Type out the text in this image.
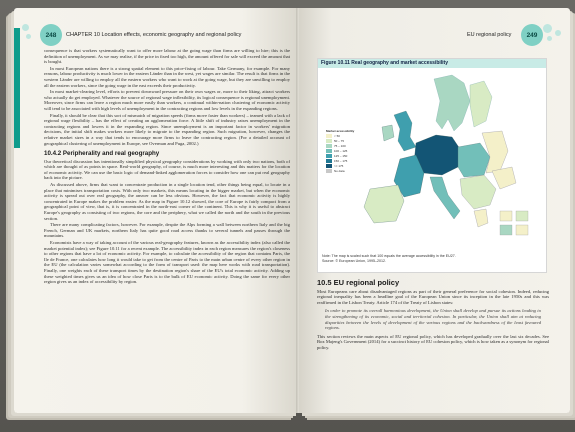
248	CHAPTER 10 Location effects, economic geography and regional policy

consequence is that workers systematically want to offer more labour at the going wage than firms are willing to hire; this is the definition of unemployment. As we may realise, if the price in fixed too high, the amount offered for sale will exceed the amount that is bought.

In most European nations there is a strong spatial element to this price-fixing of labour. Take Germany, for example. For many reasons, labour productivity is much lower in the eastern Länder than in the west, yet wages are similar. The result is that firms in the western Länder are willing to employ all the eastern workers who want to work at the going wage, but they are unwilling to employ all the eastern workers, since the going wage in the east exceeds their productivity.

In most market-clearing level, efforts to prevent downward pressure on their own wages or, more to their liking, attract workers who actually do get employed. Whatever the source of regional wage inflexibility, its logical consequence is regional unemployment. Moreover, since firms can leave a region much more easily than workers, a continual within-nation clustering of economic activity will tend to be associated with high levels of unemployment in the contracting regions and low levels in the expanding regions.

Finally, it should be clear that this sort of mismatch of migration speeds (firms move faster than workers) – teamed with a lack of regional wage flexibility – has the effect of creating an agglomeration force. A little shift of industry raises unemployment in the contracting regions and lowers it in the expanding region. Since unemployment is an important factor in workers' migration decisions, the initial shift makes workers more likely to migrate to the expanding region. Such migration, however, changes the relative market sizes in a way that tends to encourage more firms to leave the contracting region. (For a detailed account of geographical clustering of unemployment in Europe, see Overman and Puga, 2002.)

10.4.2 Peripherality and real geography

Our theoretical discussion has intentionally simplified physical geography considerations by working with only two nations, both of which are thought of as points in space. Real-world geography, of course, is much more interesting and this matters for the location of economic activity. We can use the basic logic of demand-linked agglomeration forces to consider how one can put real geography back into the picture.

As discussed above, firms that want to concentrate production in a single location tend, other things being equal, to locate in a place that minimises transportation costs. With only two markets, this means locating in the bigger market, but when the economic activity is spread out over real geography, the answer can be less obvious. However, the fact that economic activity is highly concentrated in Europe makes the problem easier. As the map in Figure 10.12 showed, the core of Europe is fairly compact from a geographical point of view, that is, it is concentrated in the north-east corner of the continent. This is why it is useful to abstract Europe's geography as consisting of two regions, the core and the periphery, what we called the north and the south in the previous section.

There are many complicating factors, however. For example, despite the Alps forming a wall between northern Italy and the big French, German and UK markets, northern Italy has quite good road access thanks to several tunnels and passes through the mountains.

Economists have a way of taking account of the various real-geography features, known as the accessibility index (also called the market potential index); see Figure 10.11 for a recent example. The accessibility index in each region measures the region's closeness to other regions that have a lot of economic activity. For example, to calculate the accessibility of the region that contains Paris, the Ile de France, one calculates how long it would take to get from the centre of Paris to the main urban centre of every other region in the EU (the calculation varies somewhat according to the form of transport used: the map here works with road transportation). Finally, one weights each of these transport times by the destination region's share of the EU's total economic activity. Adding up these weighted times gives us an idea of how close Paris is to the bulk of EU economic activity. Doing the same for every other region gives us an index of accessibility by region.

EU regional policy	249
Figure 10.11 Real geography and market accessibility
Market accessibility
< 50
50 – 75
75 – 100
100 – 125
125 – 150
150 – 175
>= 175
No data
Note: The map is scaled such that 100 equals the average accessibility in the EU27.
Source: © European Union, 1995–2012.
10.5 EU regional policy

Most Europeans care about disadvantaged regions as part of their general preference for social cohesion. Indeed, reducing regional inequality has been a headline goal of the European Union since its inception in the late 1950s and this was reaffirmed in the Lisbon Treaty. Article 174 of the Treaty of Lisbon states:

In order to promote its overall harmonious development, the Union shall develop and pursue its actions leading to the strengthening of its economic, social and territorial cohesion. In particular, the Union shall aim at reducing disparities between the levels of development of the various regions and the backwardness of the least favoured regions.

This section reviews the main aspects of EU regional policy, which has developed gradually over the last six decades. See Box Majeng's Government (2014) for a succinct history of EU cohesion policy, which is how taken as a synonym for regional policy.
